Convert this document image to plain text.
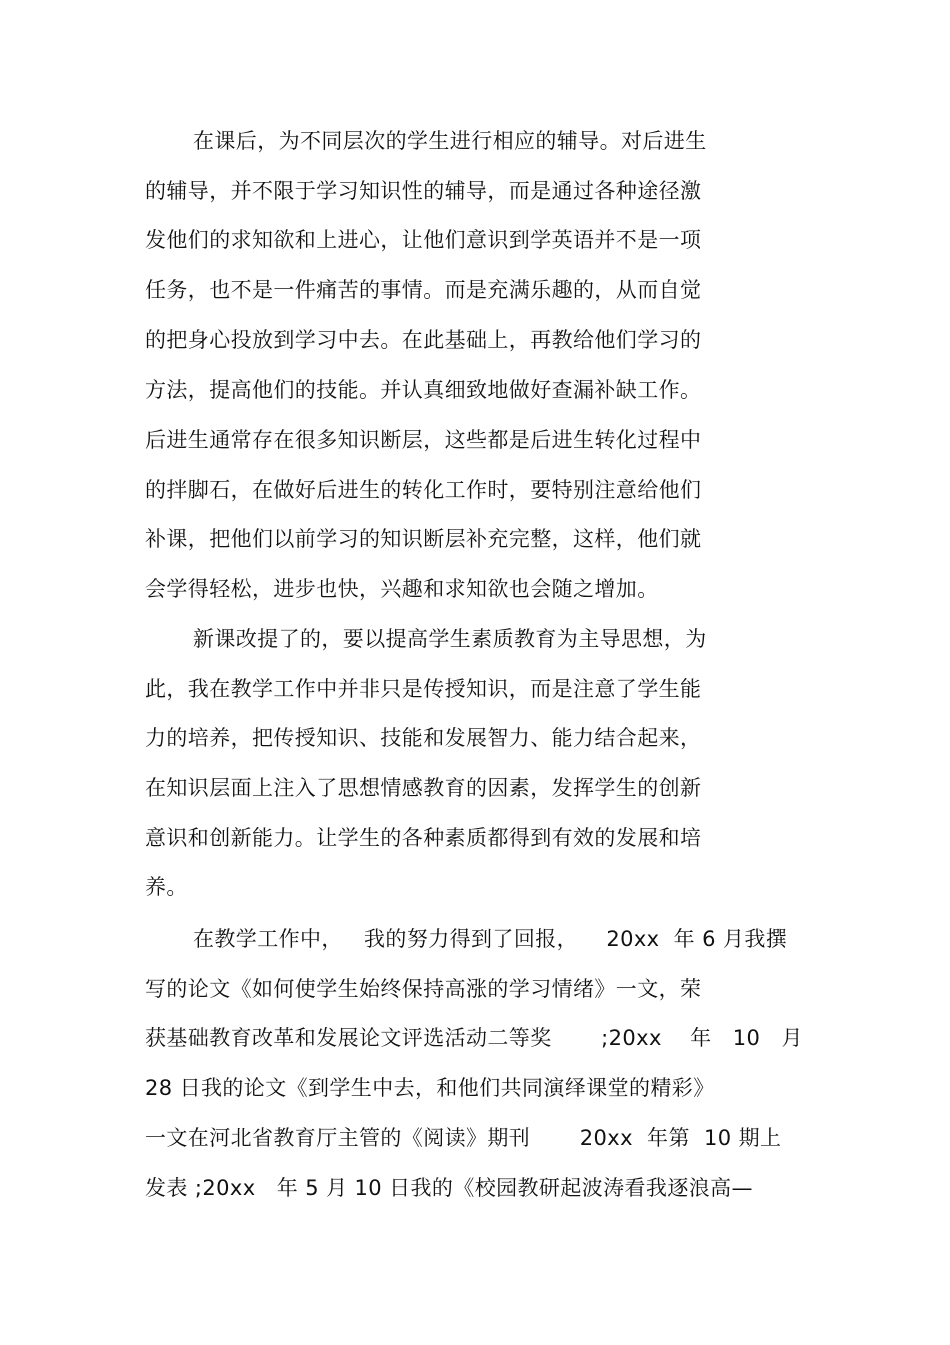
在课后，为不同层次的学生进行相应的辅导。对后进生
的辅导，并不限于学习知识性的辅导，而是通过各种途径激
发他们的求知欲和上进心，让他们意识到学英语并不是一项
任务，也不是一件痛苦的事情。而是充满乐趣的，从而自觉
的把身心投放到学习中去。在此基础上，再教给他们学习的
方法，提高他们的技能。并认真细致地做好查漏补缺工作。
后进生通常存在很多知识断层，这些都是后进生转化过程中
的拌脚石，在做好后进生的转化工作时，要特别注意给他们
补课，把他们以前学习的知识断层补充完整，这样，他们就
会学得轻松，进步也快，兴趣和求知欲也会随之增加。
新课改提了的，要以提高学生素质教育为主导思想，为
此，我在教学工作中并非只是传授知识，而是注意了学生能
力的培养，把传授知识、技能和发展智力、能力结合起来，
在知识层面上注入了思想情感教育的因素，发挥学生的创新
意识和创新能力。让学生的各种素质都得到有效的发展和培
养。
在教学工作中，   我的努力得到了回报，    20xx  年 6 月我撰
写的论文《如何使学生始终保持高涨的学习情绪》一文，荣
获基础教育改革和发展论文评选活动二等奖       ;20xx    年   10   月
28 日我的论文《到学生中去，和他们共同演绎课堂的精彩》
一文在河北省教育厅主管的《阅读》期刊       20xx  年第  10 期上
发表 ;20xx   年 5 月 10 日我的《校园教研起波涛看我逐浪高—
